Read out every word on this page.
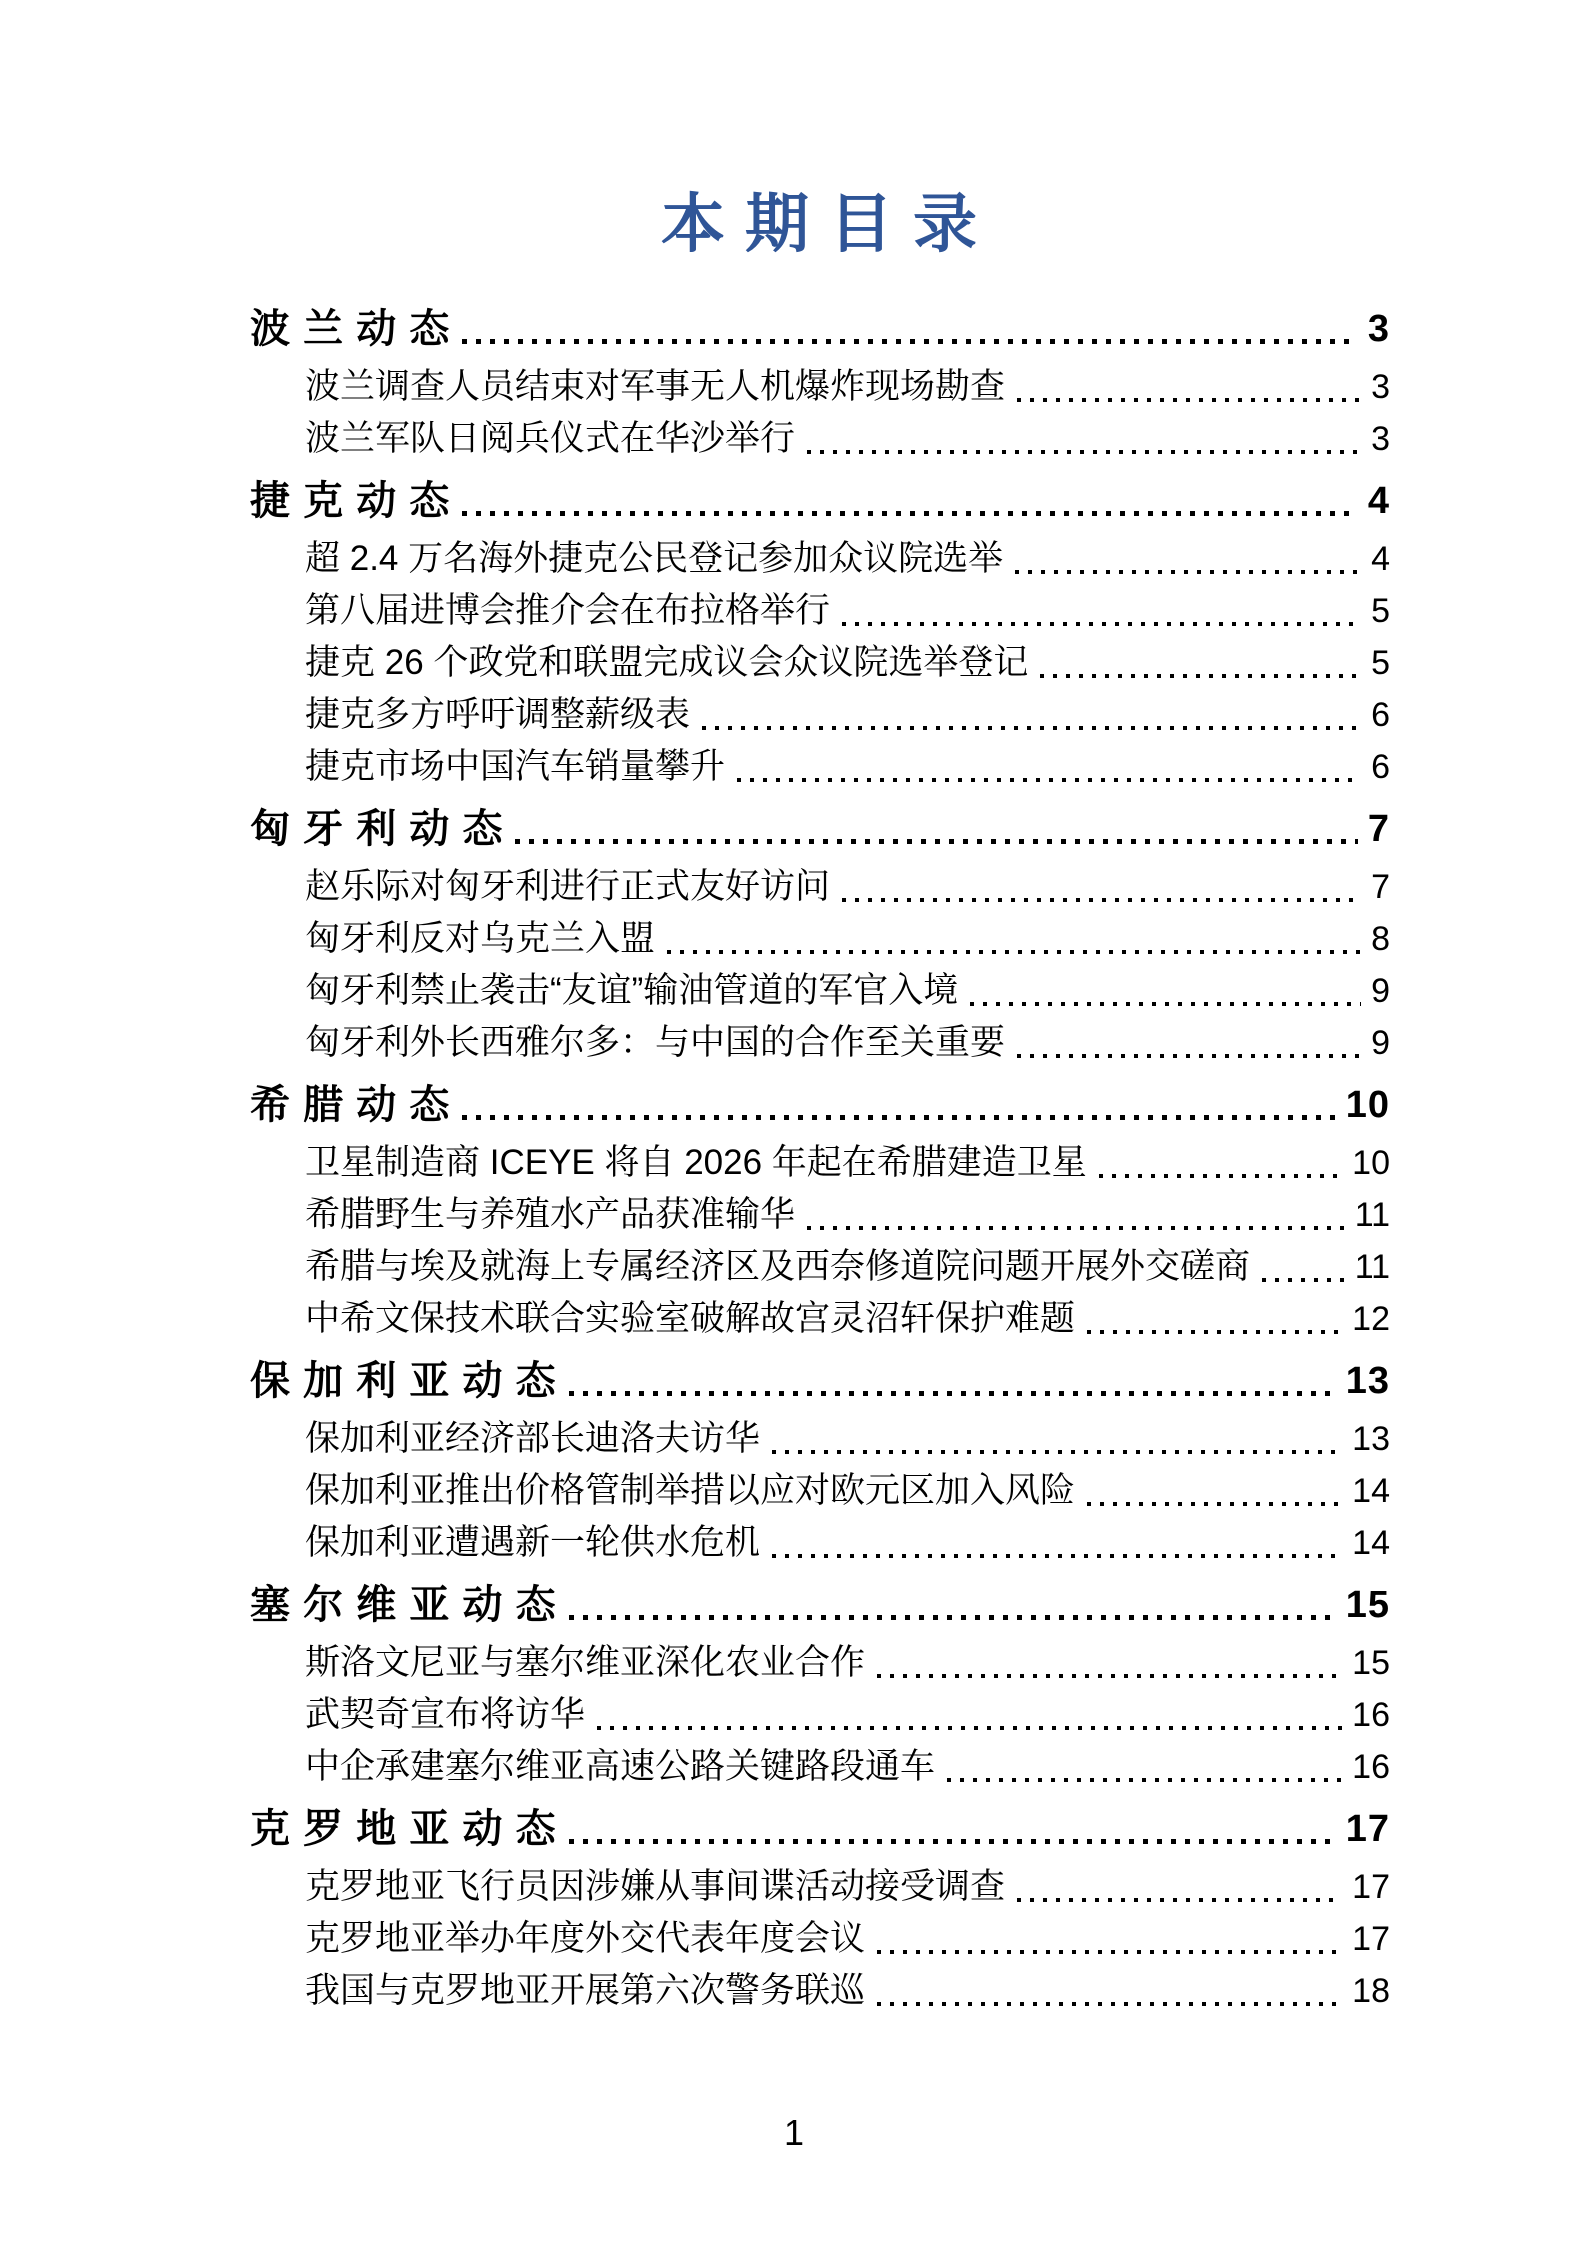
本 期 目 录
波 兰 动 态	3
波兰调查人员结束对军事无人机爆炸现场勘查	3
波兰军队日阅兵仪式在华沙举行	3
捷 克 动 态	4
超 2.4 万名海外捷克公民登记参加众议院选举	4
第八届进博会推介会在布拉格举行	5
捷克 26 个政党和联盟完成议会众议院选举登记	5
捷克多方呼吁调整薪级表	6
捷克市场中国汽车销量攀升	6
匈 牙 利 动 态	7
赵乐际对匈牙利进行正式友好访问	7
匈牙利反对乌克兰入盟	8
匈牙利禁止袭击“友谊”输油管道的军官入境	9
匈牙利外长西雅尔多：与中国的合作至关重要	9
希 腊 动 态	10
卫星制造商 ICEYE 将自 2026 年起在希腊建造卫星	10
希腊野生与养殖水产品获准输华	11
希腊与埃及就海上专属经济区及西奈修道院问题开展外交磋商	11
中希文保技术联合实验室破解故宫灵沼轩保护难题	12
保 加 利 亚 动 态	13
保加利亚经济部长迪洛夫访华	13
保加利亚推出价格管制举措以应对欧元区加入风险	14
保加利亚遭遇新一轮供水危机	14
塞 尔 维 亚 动 态	15
斯洛文尼亚与塞尔维亚深化农业合作	15
武契奇宣布将访华	16
中企承建塞尔维亚高速公路关键路段通车	16
克 罗 地 亚 动 态	17
克罗地亚飞行员因涉嫌从事间谍活动接受调查	17
克罗地亚举办年度外交代表年度会议	17
我国与克罗地亚开展第六次警务联巡	18
1
